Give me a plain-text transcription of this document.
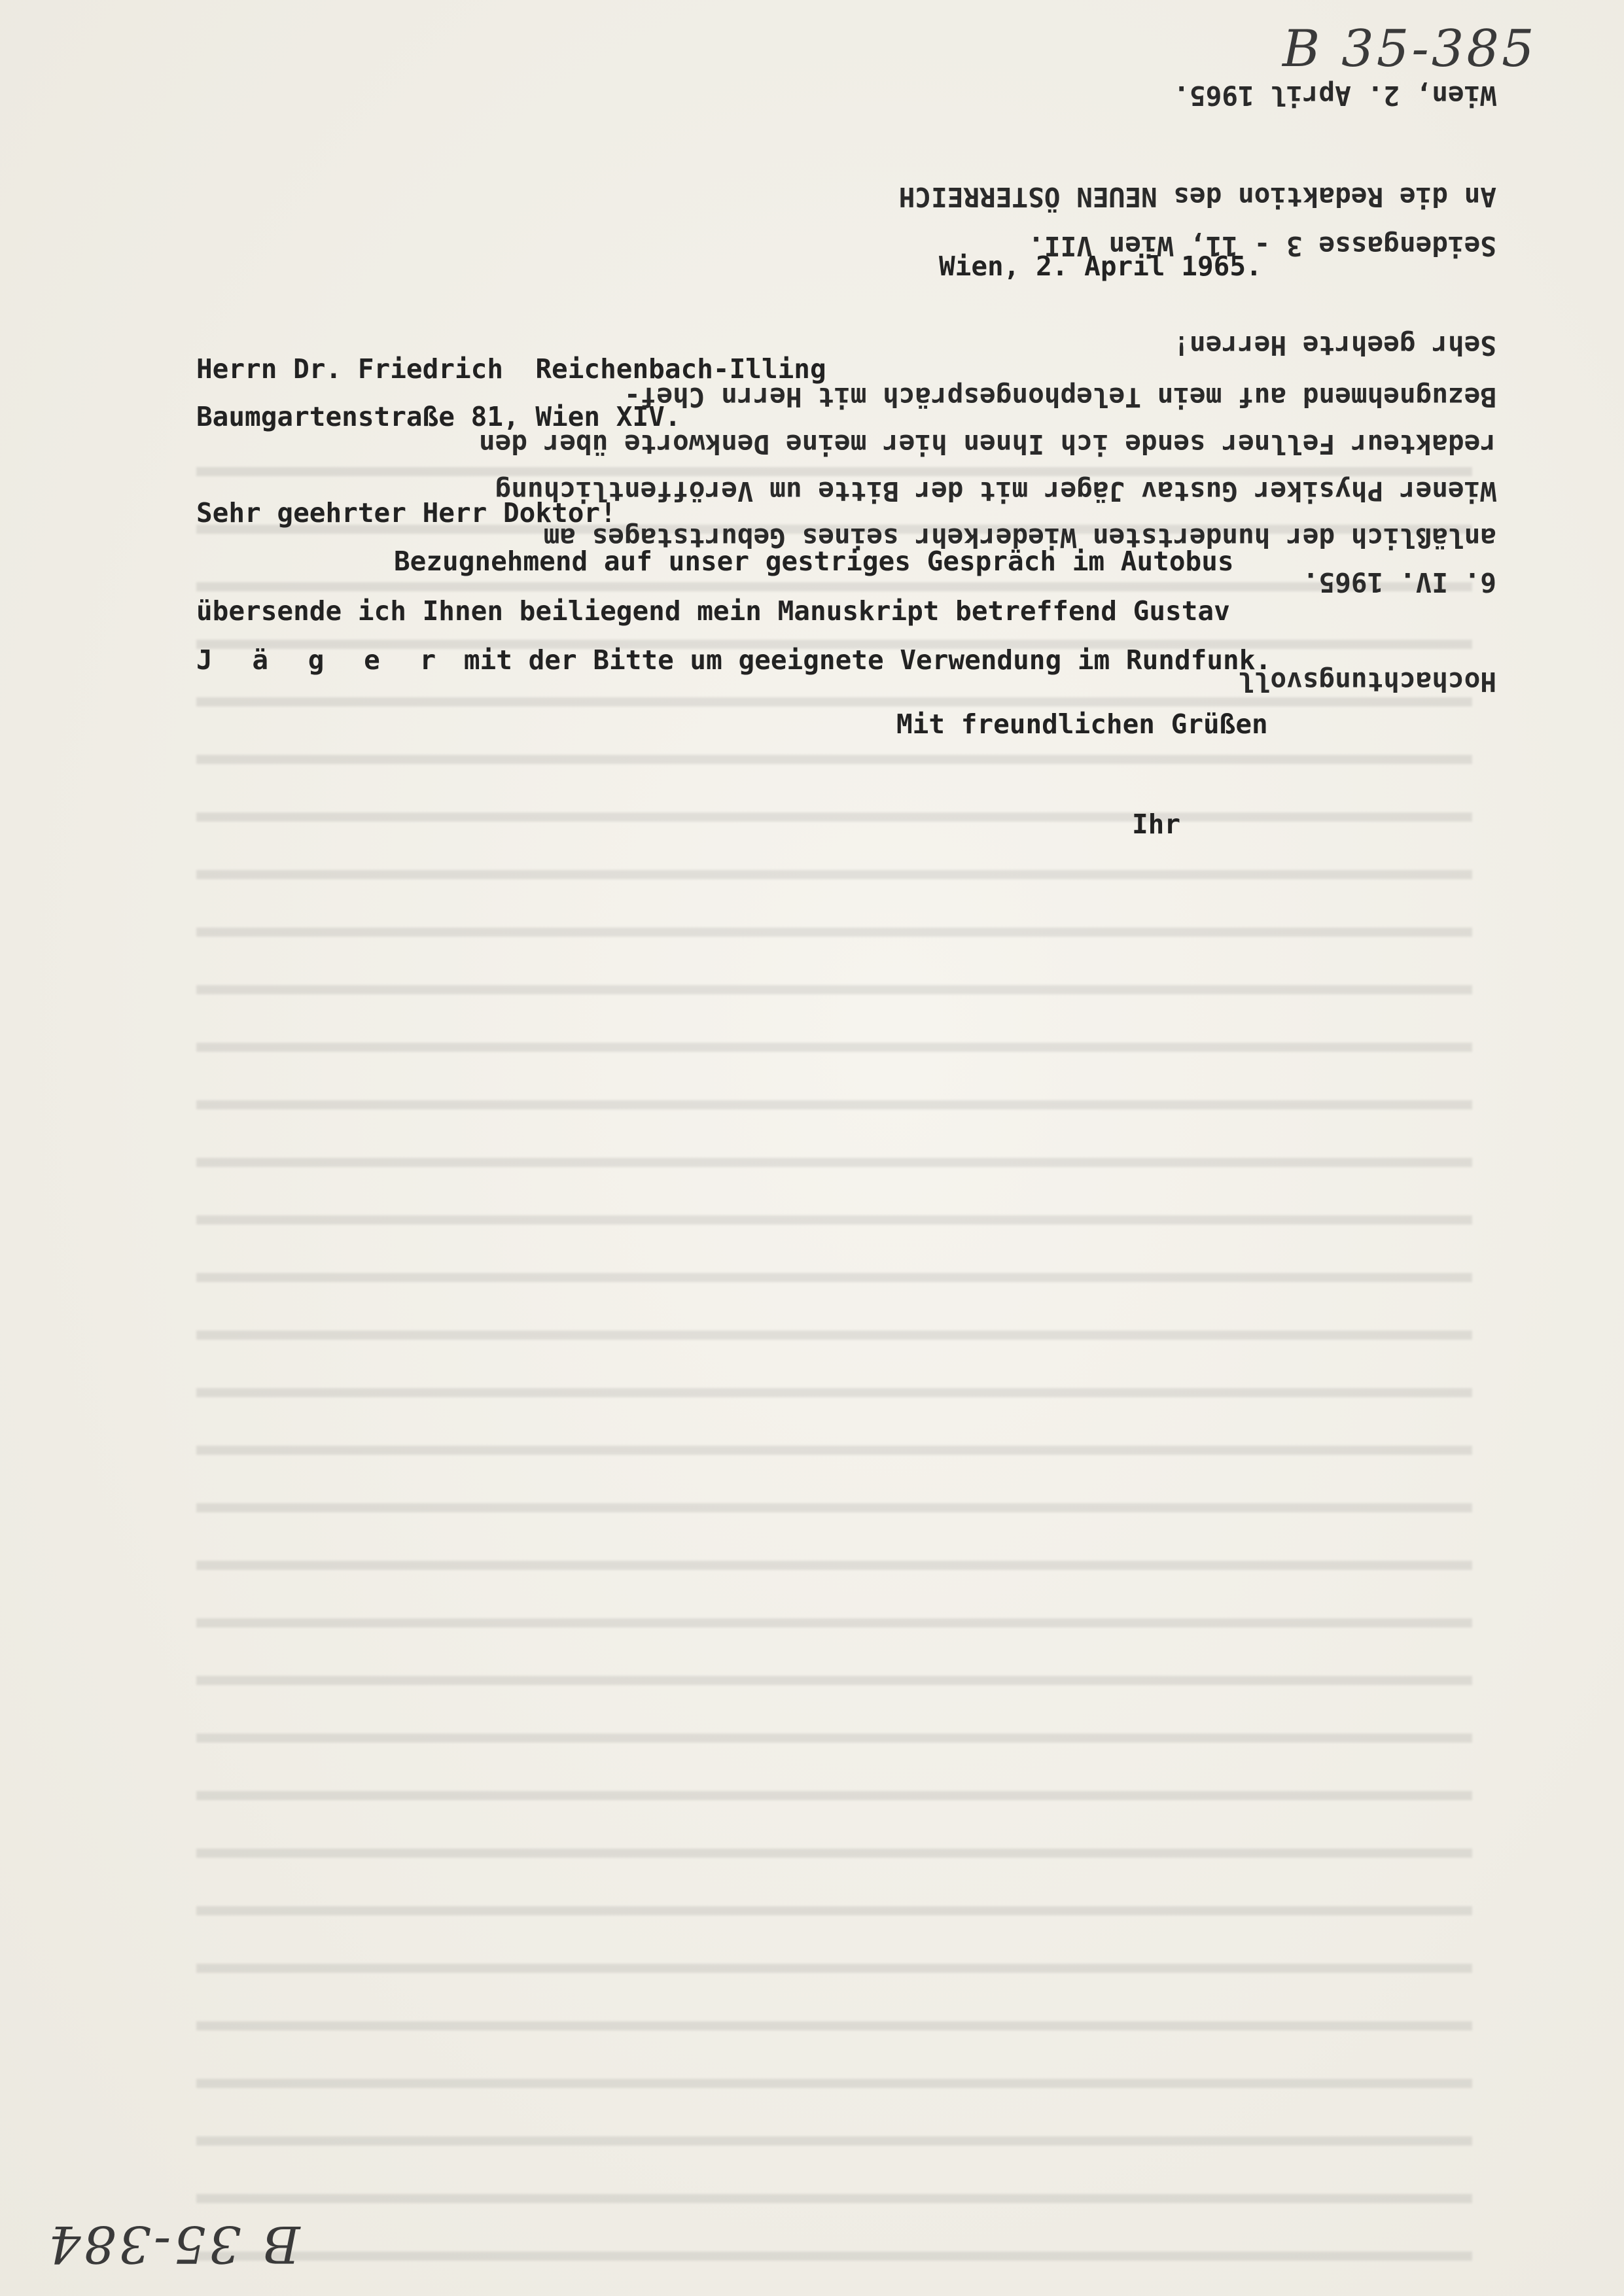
B 35-385
B 35-384
Wien, 2. April 1965.
Herrn Dr. Friedrich  Reichenbach-Illing
Baumgartenstraße 81, Wien XIV.
Sehr geehrter Herr Doktor!
Bezugnehmend auf unser gestriges Gespräch im Autobus
übersende ich Ihnen beiliegend mein Manuskript betreffend Gustav
J ä g e r mit der Bitte um geeignete Verwendung im Rundfunk.
Mit freundlichen Grüßen
Ihr
Wien, 2. April 1965.
An die Redaktion des NEUEN ÖSTERREICH
Seidengasse 3 - 11, Wien VII.
Sehr geehrte Herren!
Bezugnehmend auf mein Telephongespräch mit Herrn Chef-
redakteur Fellner sende ich Ihnen hier meine Denkworte über den
Wiener Physiker Gustav Jäger mit der Bitte um Veröffentlichung
anläßlich der hundertsten Wiederkehr seines Geburtstages am
6. IV. 1965.
Hochachtungsvoll
